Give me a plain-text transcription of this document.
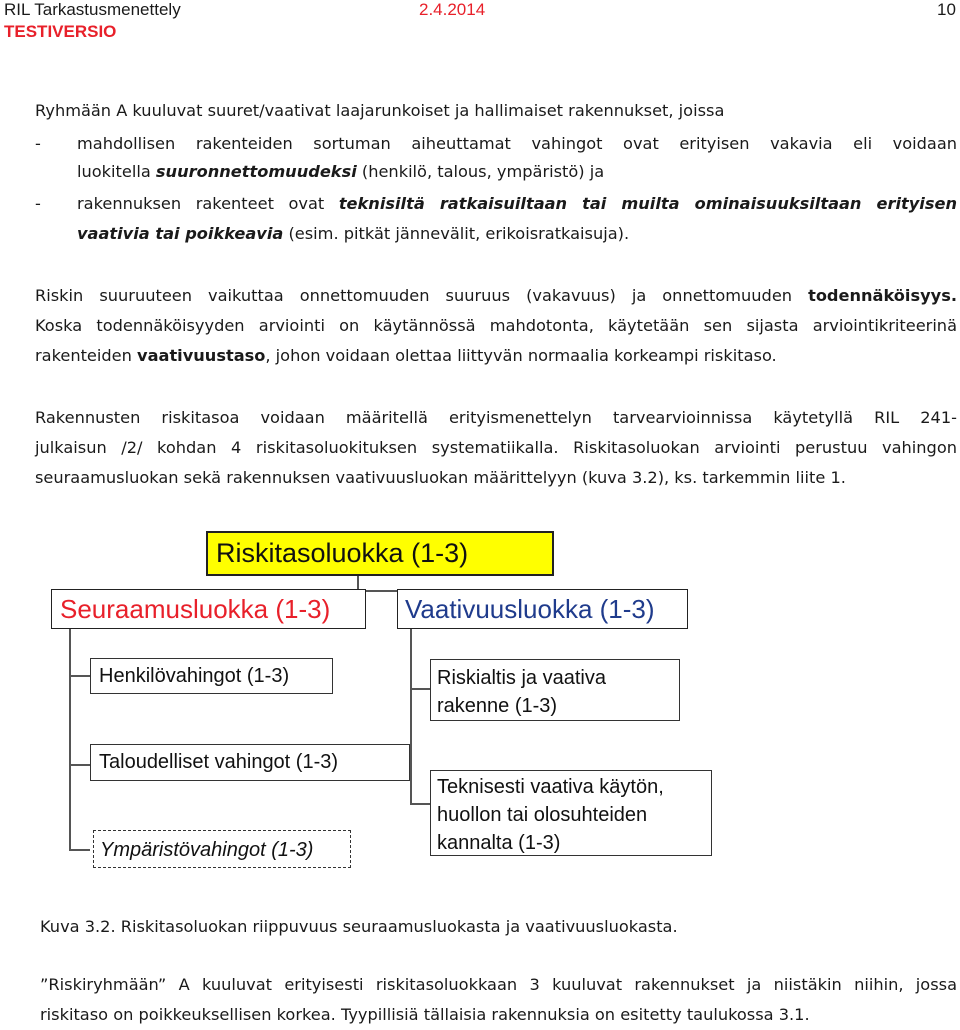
RIL Tarkastusmenettely	2.4.2014	10
TESTIVERSIO
Ryhmään A kuuluvat suuret/vaativat laajarunkoiset ja hallimaiset rakennukset, joissa
-	mahdollisen rakenteiden sortuman aiheuttamat vahingot ovat erityisen vakavia eli voidaan
luokitella suuronnettomuudeksi (henkilö, talous, ympäristö) ja
-	rakennuksen rakenteet ovat teknisiltä ratkaisuiltaan tai muilta ominaisuuksiltaan erityisen
vaativia tai poikkeavia (esim. pitkät jännevälit, erikoisratkaisuja).
Riskin suuruuteen vaikuttaa onnettomuuden suuruus (vakavuus) ja onnettomuuden todennäköisyys.
Koska todennäköisyyden arviointi on käytännössä mahdotonta, käytetään sen sijasta arviointikriteerinä
rakenteiden vaativuustaso, johon voidaan olettaa liittyvän normaalia korkeampi riskitaso.
Rakennusten riskitasoa voidaan määritellä erityismenettelyn tarvearvioinnissa käytetyllä RIL 241-
julkaisun /2/ kohdan 4 riskitasoluokituksen systematiikalla. Riskitasoluokan arviointi perustuu vahingon
seuraamusluokan sekä rakennuksen vaativuusluokan määrittelyyn (kuva 3.2), ks. tarkemmin liite 1.
Riskitasoluokka (1-3)
Seuraamusluokka (1-3)	Vaativuusluokka (1-3)
Henkilövahingot (1-3)
Taloudelliset vahingot (1-3)
Ympäristövahingot (1-3)
Riskialtis ja vaativa rakenne (1-3)
Teknisesti vaativa käytön, huollon tai olosuhteiden kannalta (1-3)
Kuva 3.2. Riskitasoluokan riippuvuus seuraamusluokasta ja vaativuusluokasta.
”Riskiryhmään” A kuuluvat erityisesti riskitasoluokkaan 3 kuuluvat rakennukset ja niistäkin niihin, jossa
riskitaso on poikkeuksellisen korkea. Tyypillisiä tällaisia rakennuksia on esitetty taulukossa 3.1.
